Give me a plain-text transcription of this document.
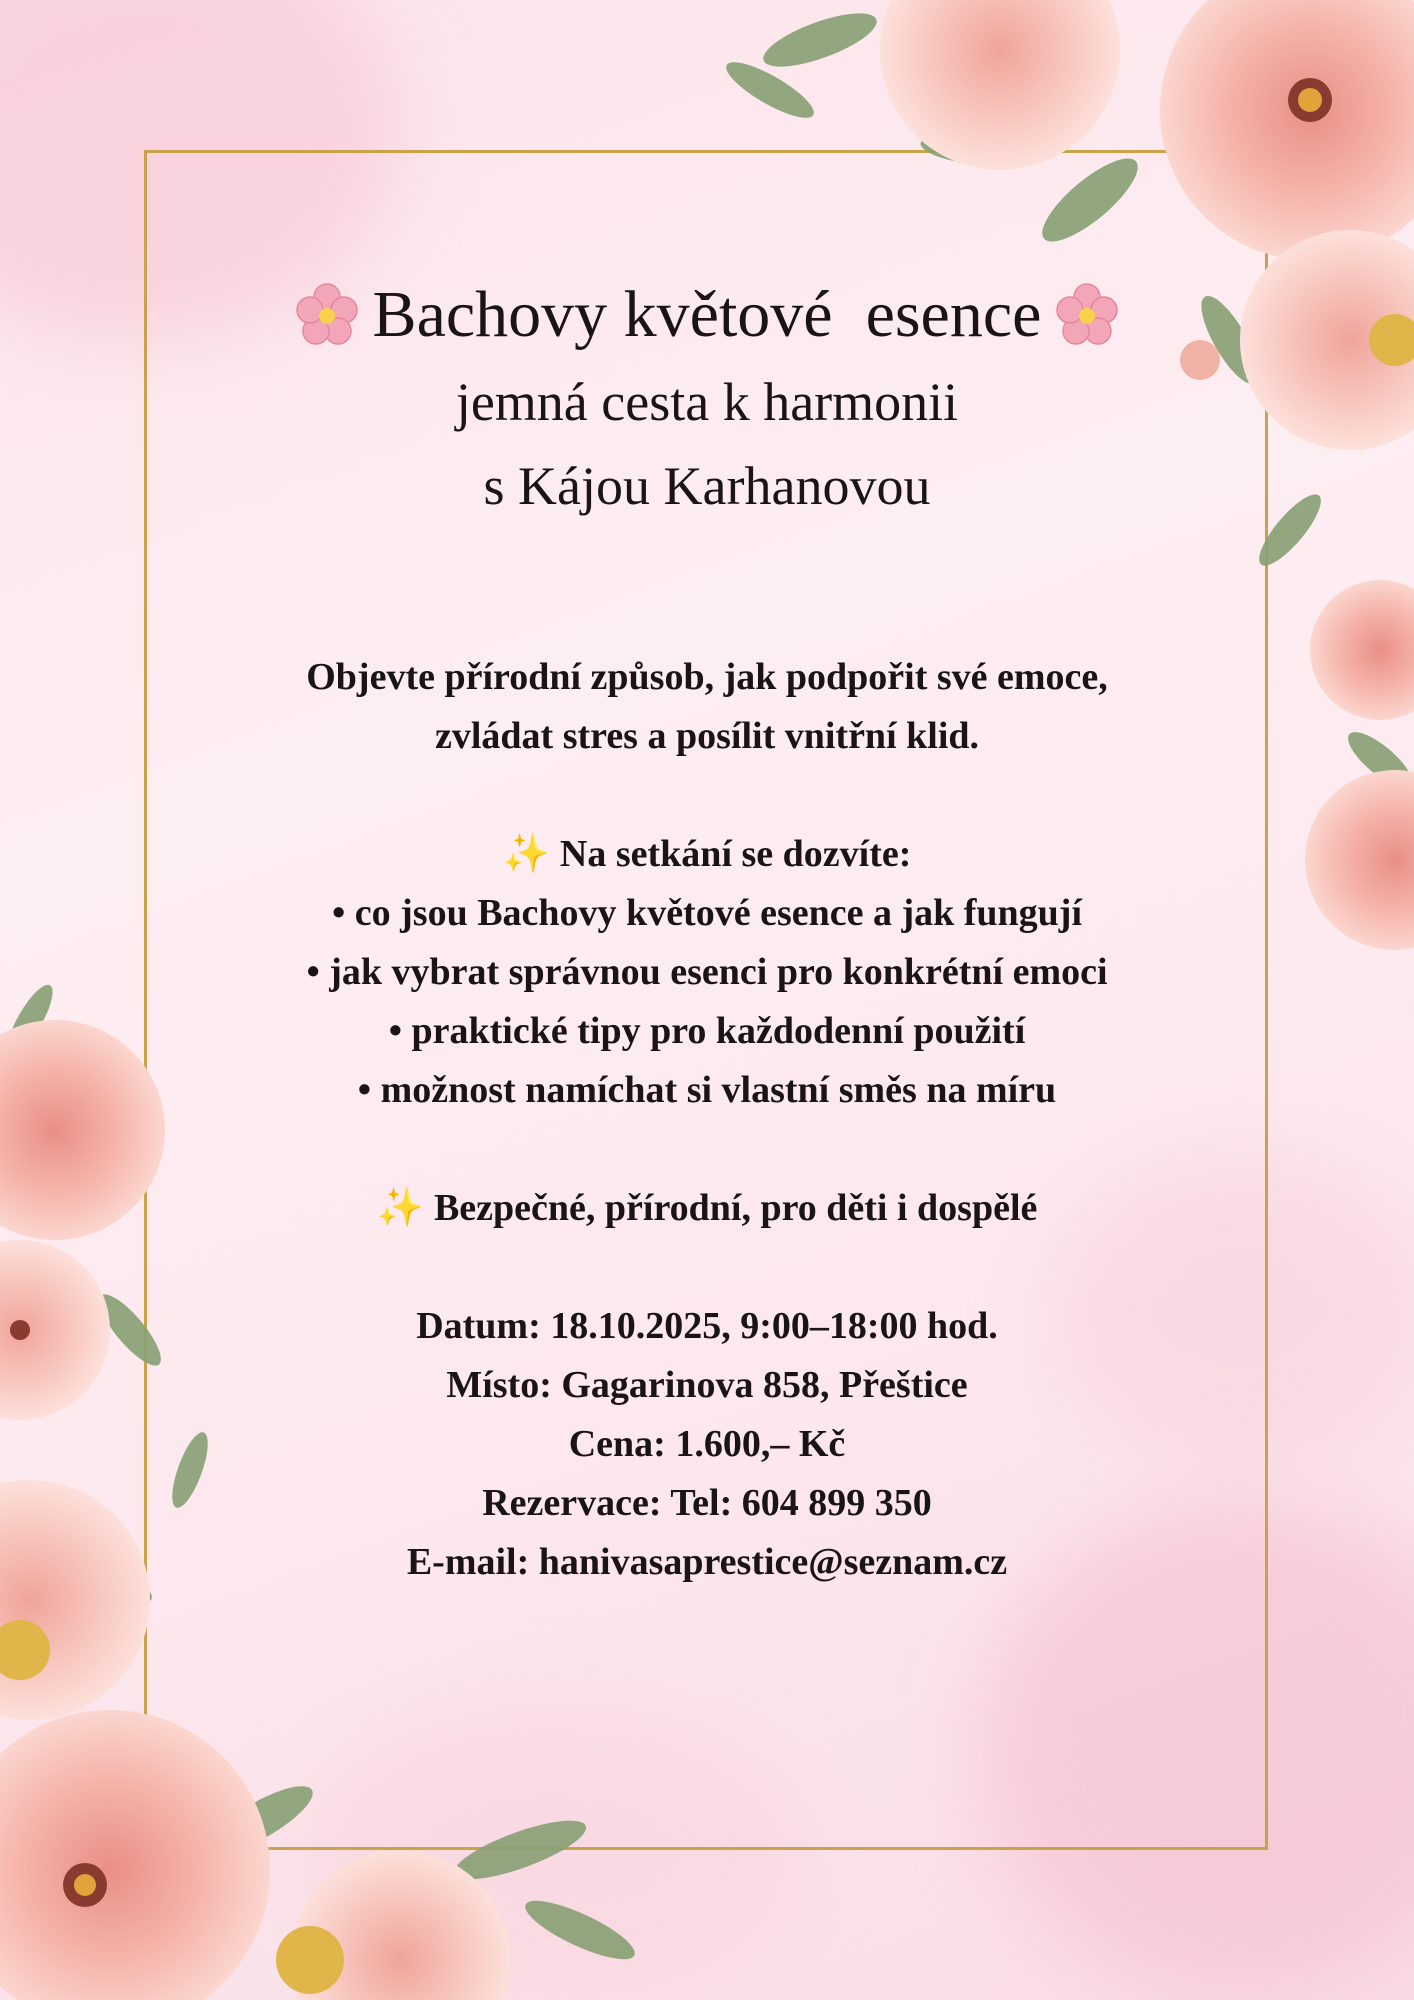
Bachovy květové  esence

jemná cesta k harmonii

s Kájou Karhanovou

Objevte přírodní způsob, jak podpořit své emoce,

zvládat stres a posílit vnitřní klid.

✨ Na setkání se dozvíte:

• co jsou Bachovy květové esence a jak fungují

• jak vybrat správnou esenci pro konkrétní emoci

• praktické tipy pro každodenní použití

• možnost namíchat si vlastní směs na míru

✨ Bezpečné, přírodní, pro děti i dospělé

Datum: 18.10.2025, 9:00–18:00 hod.

Místo: Gagarinova 858, Přeštice

Cena: 1.600,– Kč

Rezervace: Tel: 604 899 350

E-mail: hanivasaprestice@seznam.cz
